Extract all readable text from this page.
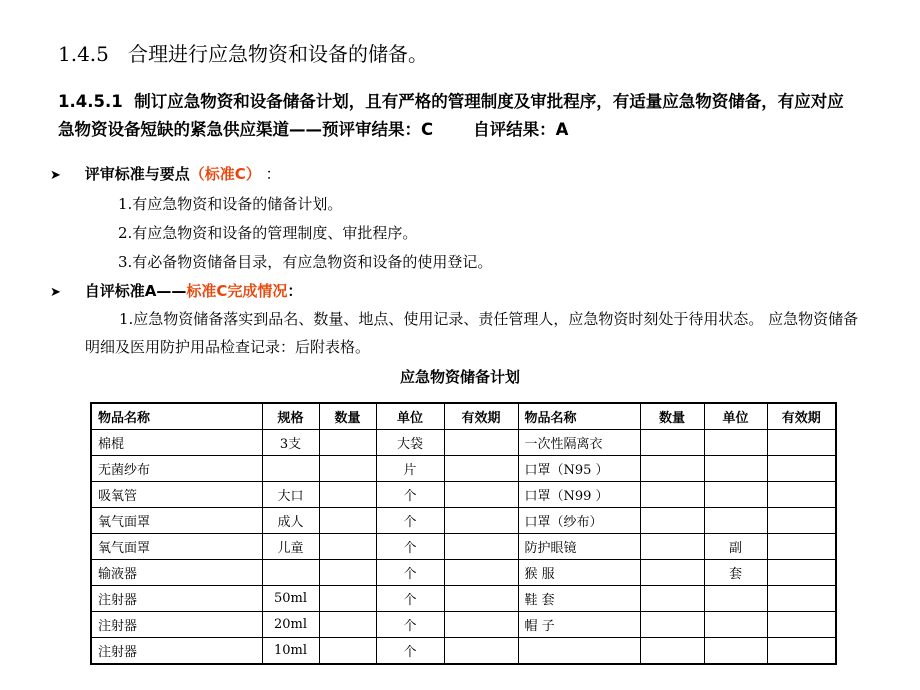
1.4.5 合理进行应急物资和设备的储备。
1.4.5.1 制订应急物资和设备储备计划，且有严格的管理制度及审批程序，有适量应急物资储备，有应对应急物资设备短缺的紧急供应渠道——预评审结果：C 自评结果：A
➤ 评审标准与要点（标准C） ：
1.有应急物资和设备的储备计划。
2.有应急物资和设备的管理制度、审批程序。
3.有必备物资储备目录，有应急物资和设备的使用登记。
➤ 自评标准A——标准C完成情况：
1.应急物资储备落实到品名、数量、地点、使用记录、责任管理人，应急物资时刻处于待用状态。 应急物资储备明细及医用防护用品检查记录：后附表格。
应急物资储备计划
物品名称	规格	数量	单位	有效期	物品名称	数量	单位	有效期
棉棍	3支		大袋		一次性隔离衣			
无菌纱布			片		口罩（N95 ）			
吸氧管	大口		个		口罩（N99 ）			
氧气面罩	成人		个		口罩（纱布）			
氧气面罩	儿童		个		防护眼镜		副	
输液器			个		猴 服		套	
注射器	50ml		个		鞋 套			
注射器	20ml		个		帽 子			
注射器	10ml		个					
